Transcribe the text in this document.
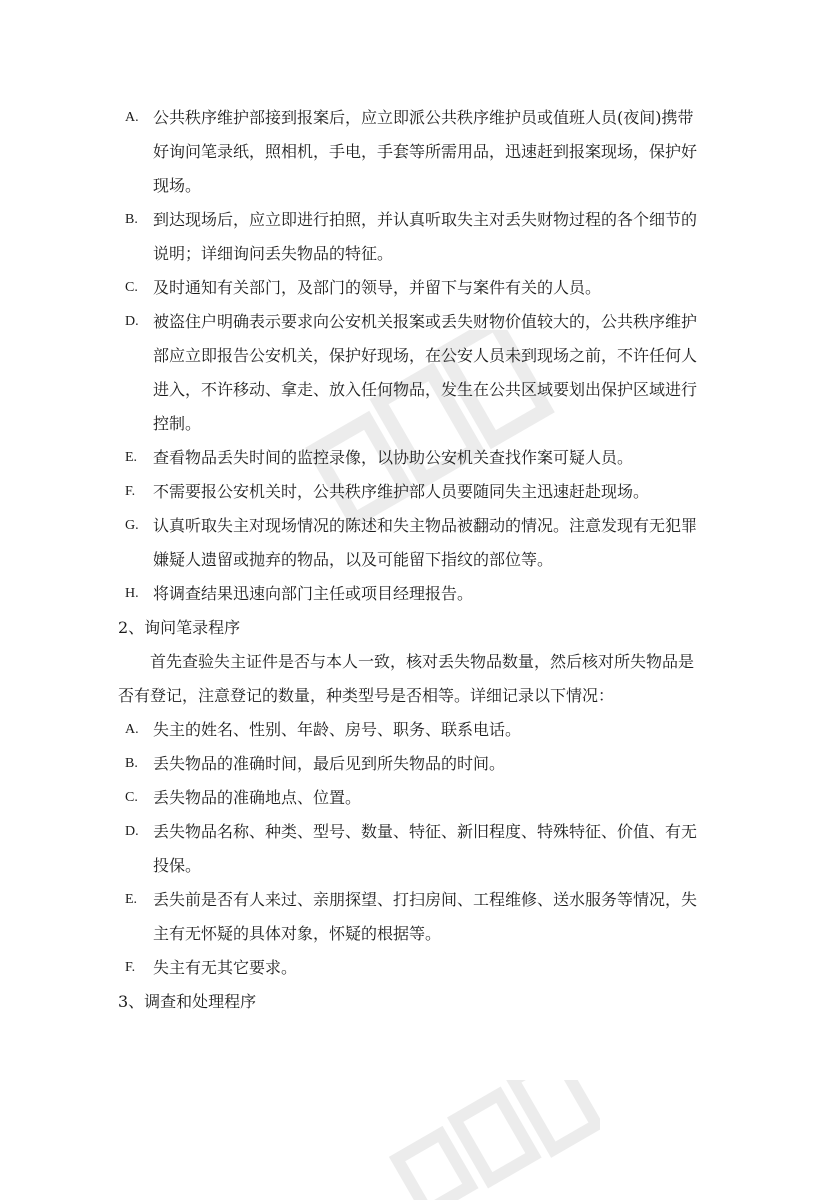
A. 公共秩序维护部接到报案后，应立即派公共秩序维护员或值班人员(夜间)携带好询问笔录纸，照相机，手电，手套等所需用品，迅速赶到报案现场，保护好现场。
B. 到达现场后，应立即进行拍照，并认真听取失主对丢失财物过程的各个细节的说明；详细询问丢失物品的特征。
C. 及时通知有关部门，及部门的领导，并留下与案件有关的人员。
D. 被盗住户明确表示要求向公安机关报案或丢失财物价值较大的，公共秩序维护部应立即报告公安机关，保护好现场，在公安人员未到现场之前，不许任何人进入，不许移动、拿走、放入任何物品，发生在公共区域要划出保护区域进行控制。
E. 查看物品丢失时间的监控录像，以协助公安机关查找作案可疑人员。
F. 不需要报公安机关时，公共秩序维护部人员要随同失主迅速赶赴现场。
G. 认真听取失主对现场情况的陈述和失主物品被翻动的情况。注意发现有无犯罪嫌疑人遗留或抛弃的物品，以及可能留下指纹的部位等。
H. 将调查结果迅速向部门主任或项目经理报告。
2、询问笔录程序
首先查验失主证件是否与本人一致，核对丢失物品数量，然后核对所失物品是否有登记，注意登记的数量，种类型号是否相等。详细记录以下情况：
A. 失主的姓名、性别、年龄、房号、职务、联系电话。
B. 丢失物品的准确时间，最后见到所失物品的时间。
C. 丢失物品的准确地点、位置。
D. 丢失物品名称、种类、型号、数量、特征、新旧程度、特殊特征、价值、有无投保。
E. 丢失前是否有人来过、亲朋探望、打扫房间、工程维修、送水服务等情况，失主有无怀疑的具体对象，怀疑的根据等。
F. 失主有无其它要求。
3、调查和处理程序
